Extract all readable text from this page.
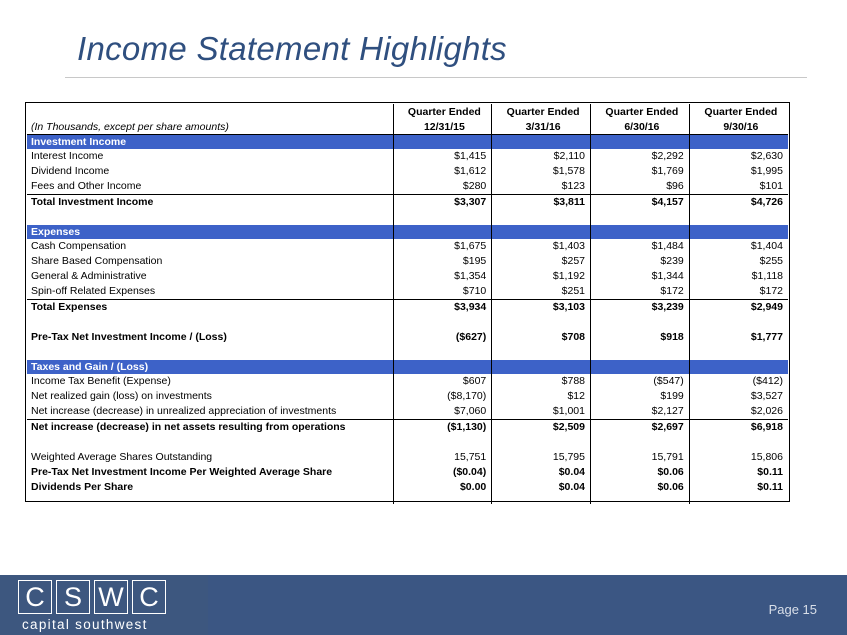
Income Statement Highlights
	Quarter Ended	Quarter Ended	Quarter Ended	Quarter Ended
(In Thousands, except per share amounts)	12/31/15	3/31/16	6/30/16	9/30/16
Investment Income				
Interest Income	$1,415	$2,110	$2,292	$2,630
Dividend Income	$1,612	$1,578	$1,769	$1,995
Fees and Other Income	$280	$123	$96	$101
Total Investment Income	$3,307	$3,811	$4,157	$4,726

Expenses				
Cash Compensation	$1,675	$1,403	$1,484	$1,404
Share Based Compensation	$195	$257	$239	$255
General & Administrative	$1,354	$1,192	$1,344	$1,118
Spin-off Related Expenses	$710	$251	$172	$172
Total Expenses	$3,934	$3,103	$3,239	$2,949

Pre-Tax Net Investment Income / (Loss)	($627)	$708	$918	$1,777

Taxes and Gain / (Loss)				
Income Tax Benefit (Expense)	$607	$788	($547)	($412)
Net realized gain (loss) on investments	($8,170)	$12	$199	$3,527
Net increase (decrease) in unrealized appreciation of investments	$7,060	$1,001	$2,127	$2,026
Net increase (decrease) in net assets resulting from operations	($1,130)	$2,509	$2,697	$6,918

Weighted Average Shares Outstanding	15,751	15,795	15,791	15,806
Pre-Tax Net Investment Income Per Weighted Average Share	($0.04)	$0.04	$0.06	$0.11
Dividends Per Share	$0.00	$0.04	$0.06	$0.11

C S W C
capital southwest
Page 15
